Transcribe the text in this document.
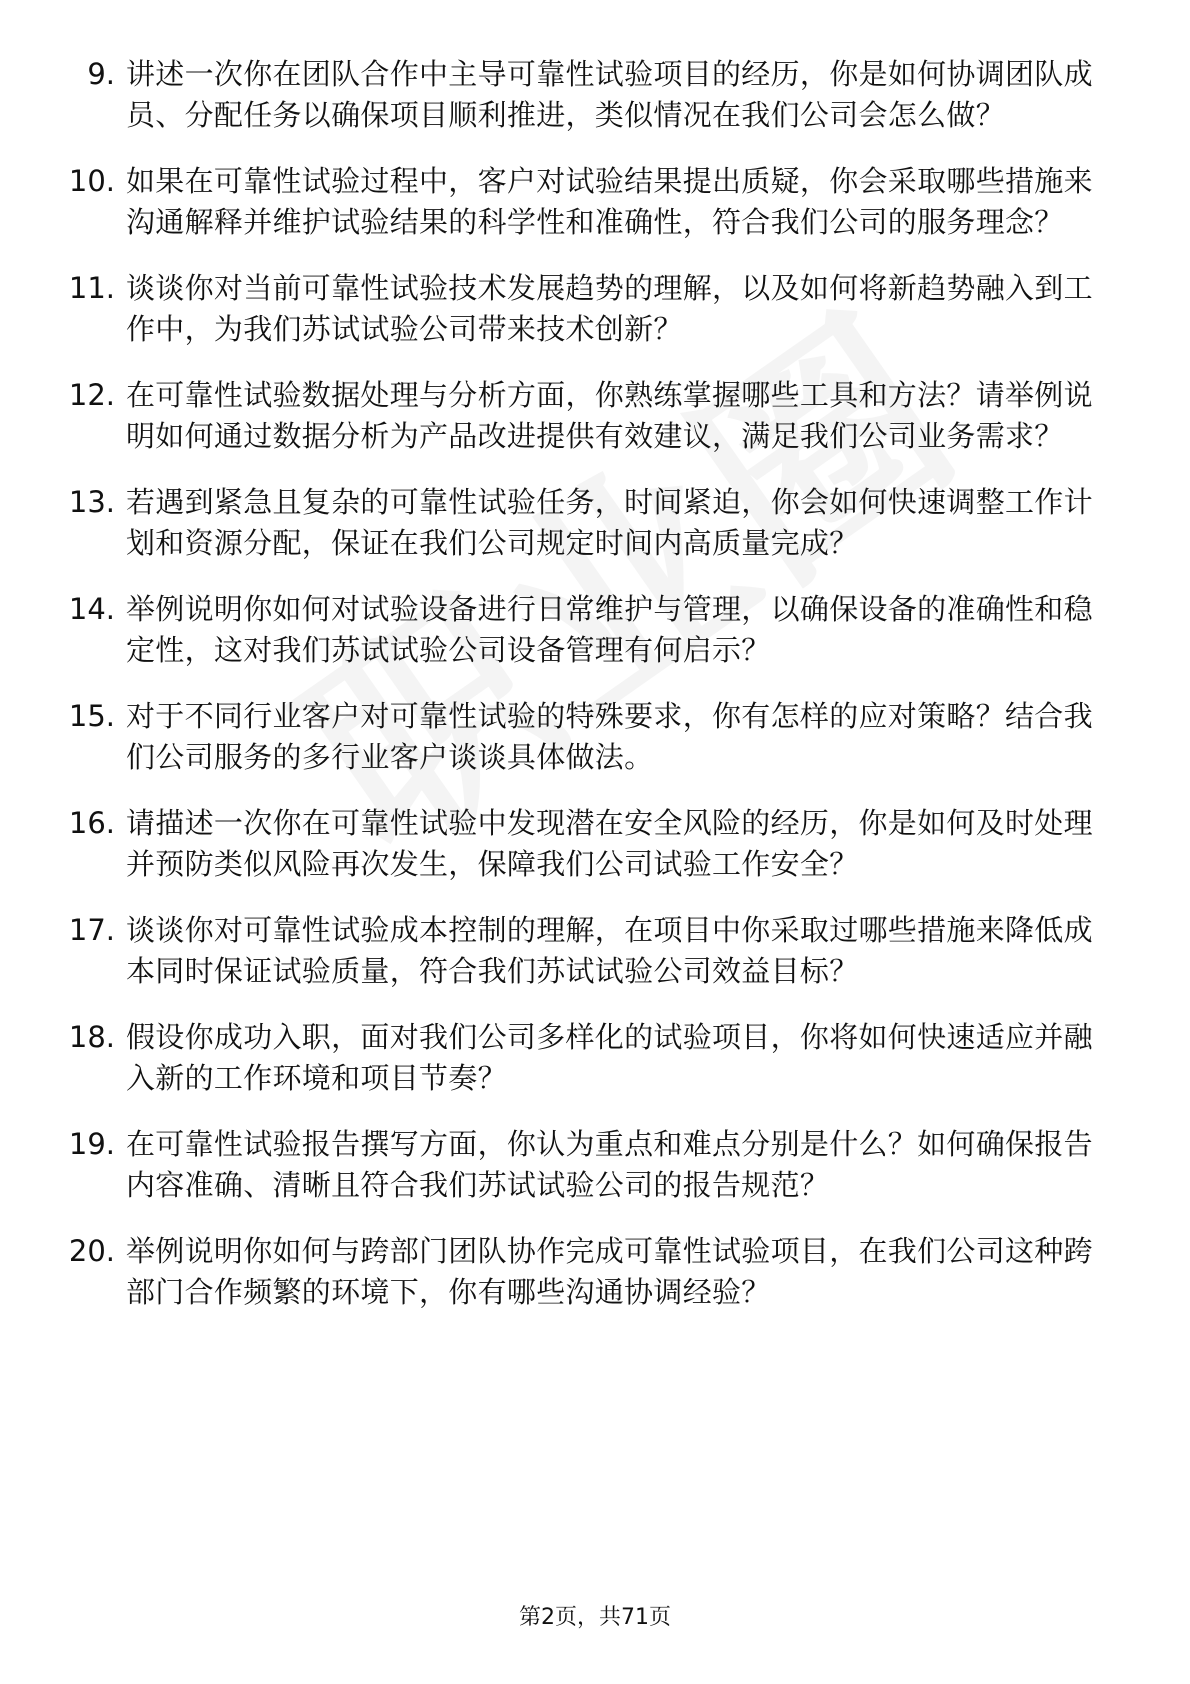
9. 讲述一次你在团队合作中主导可靠性试验项目的经历，你是如何协调团队成员、分配任务以确保项目顺利推进，类似情况在我们公司会怎么做？
10. 如果在可靠性试验过程中，客户对试验结果提出质疑，你会采取哪些措施来沟通解释并维护试验结果的科学性和准确性，符合我们公司的服务理念？
11. 谈谈你对当前可靠性试验技术发展趋势的理解，以及如何将新趋势融入到工作中，为我们苏试试验公司带来技术创新？
12. 在可靠性试验数据处理与分析方面，你熟练掌握哪些工具和方法？请举例说明如何通过数据分析为产品改进提供有效建议，满足我们公司业务需求？
13. 若遇到紧急且复杂的可靠性试验任务，时间紧迫，你会如何快速调整工作计划和资源分配，保证在我们公司规定时间内高质量完成？
14. 举例说明你如何对试验设备进行日常维护与管理，以确保设备的准确性和稳定性，这对我们苏试试验公司设备管理有何启示？
15. 对于不同行业客户对可靠性试验的特殊要求，你有怎样的应对策略？结合我们公司服务的多行业客户谈谈具体做法。
16. 请描述一次你在可靠性试验中发现潜在安全风险的经历，你是如何及时处理并预防类似风险再次发生，保障我们公司试验工作安全？
17. 谈谈你对可靠性试验成本控制的理解，在项目中你采取过哪些措施来降低成本同时保证试验质量，符合我们苏试试验公司效益目标？
18. 假设你成功入职，面对我们公司多样化的试验项目，你将如何快速适应并融入新的工作环境和项目节奏？
19. 在可靠性试验报告撰写方面，你认为重点和难点分别是什么？如何确保报告内容准确、清晰且符合我们苏试试验公司的报告规范？
20. 举例说明你如何与跨部门团队协作完成可靠性试验项目，在我们公司这种跨部门合作频繁的环境下，你有哪些沟通协调经验？
第2页，共71页
